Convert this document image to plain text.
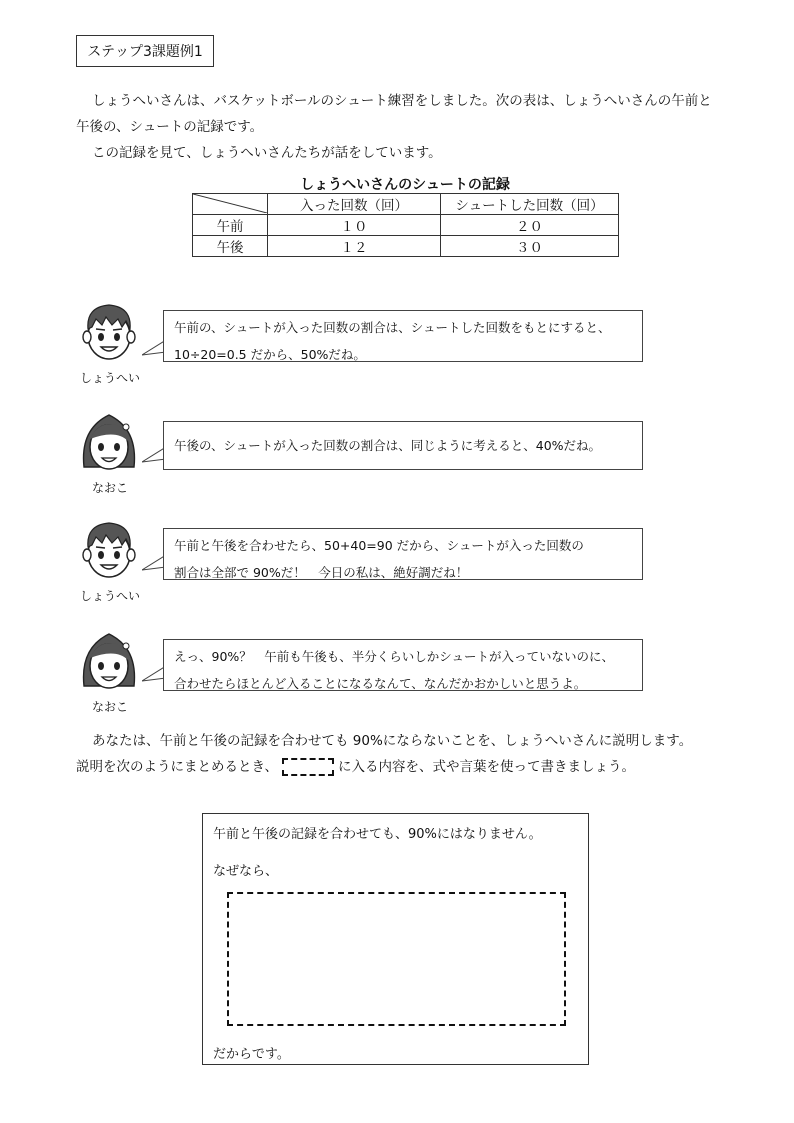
ステップ3課題例1
しょうへいさんは、バスケットボールのシュート練習をしました。次の表は、しょうへいさんの午前と
午後の、シュートの記録です。
この記録を見て、しょうへいさんたちが話をしています。
しょうへいさんのシュートの記録
	入った回数（回）	シュートした回数（回）
午前	１０	２０
午後	１２	３０
しょうへい
午前の、シュートが入った回数の割合は、シュートした回数をもとにすると、
10÷20=0.5 だから、50%だね。
なおこ
午後の、シュートが入った回数の割合は、同じように考えると、40%だね。
しょうへい
午前と午後を合わせたら、50+40=90 だから、シュートが入った回数の
割合は全部で 90%だ！　今日の私は、絶好調だね！
なおこ
えっ、90%？　午前も午後も、半分くらいしかシュートが入っていないのに、
合わせたらほとんど入ることになるなんて、なんだかおかしいと思うよ。
あなたは、午前と午後の記録を合わせても 90%にならないことを、しょうへいさんに説明します。
説明を次のようにまとめるとき、	に入る内容を、式や言葉を使って書きましょう。
午前と午後の記録を合わせても、90%にはなりません。
なぜなら、
だからです。
